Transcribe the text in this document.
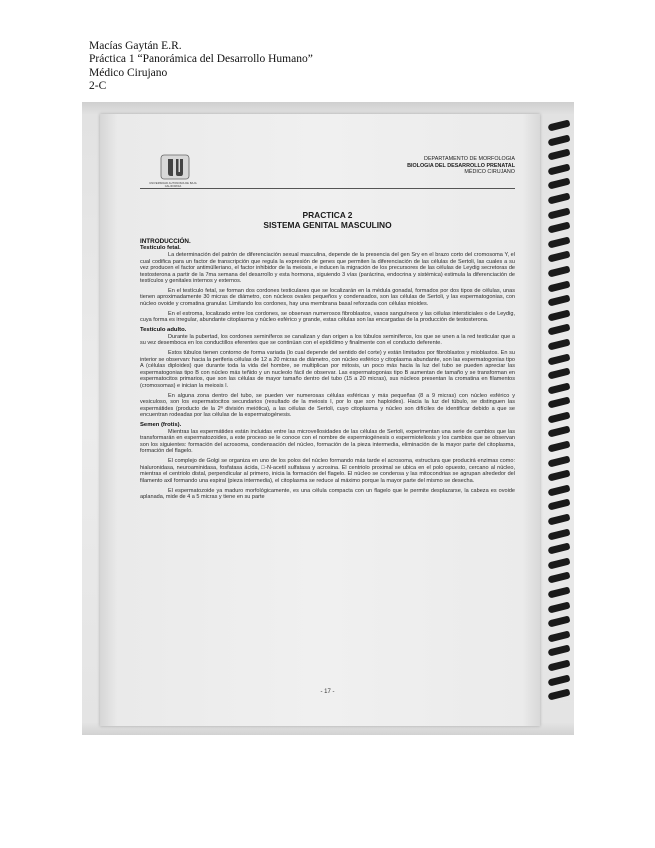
Macías Gaytán E.R.
Práctica 1 “Panorámica del Desarrollo Humano”
Médico Cirujano
2-C
UNIVERSIDAD AUTONOMA DE BAJA CALIFORNIA
DEPARTAMENTO DE MORFOLOGIA
BIOLOGIA DEL DESARROLLO PRENATAL
MÉDICO CIRUJANO
PRACTICA 2
SISTEMA GENITAL MASCULINO
INTRODUCCIÓN.
Testículo fetal.

La determinación del patrón de diferenciación sexual masculina, depende de la presencia del gen Sry en el brazo corto del cromosoma Y, el cual codifica para un factor de transcripción que regula la expresión de genes que permiten la diferenciación de las células de Sertoli, las cuales a su vez producen el factor antimülleriano, el factor inhibidor de la meiosis, e inducen la migración de los precursores de las células de Leydig secretoras de testosterona a partir de la 7ma semana del desarrollo y esta hormona, siguiendo 3 vías (parácrina, endocrina y sistémica) estimula la diferenciación de testículos y genitales internos y externos.

En el testículo fetal, se forman dos cordones testiculares que se localizarán en la médula gonadal, formados por dos tipos de células, unas tienen aproximadamente 30 micras de diámetro, con núcleos ovales pequeños y condensados, son las células de Sertoli, y las espermatogonias, con núcleo ovoide y cromatina granular. Limitando los cordones, hay una membrana basal reforzada con células mioides.

En el estroma, localizado entre los cordones, se observan numerosos fibroblastos, vasos sanguíneos y las células intersticiales o de Leydig, cuya forma es irregular, abundante citoplasma y núcleo esférico y grande, estas células son las encargadas de la producción de testosterona.

Testículo adulto.

Durante la pubertad, los cordones seminíferos se canalizan y dan origen a los túbulos seminíferos, los que se unen a la red testicular que a su vez desemboca en los conductillos eferentes que se continúan con el epidídimo y finalmente con el conducto deferente.

Estos túbulos tienen contorno de forma variada (lo cual depende del sentido del corte) y están limitados por fibroblastos y mioblastos. En su interior se observan: hacia la periferia células de 12 a 20 micras de diámetro, con núcleo esférico y citoplasma abundante, son las espermatogonias tipo A (células diploides) que durante toda la vida del hombre, se multiplican por mitosis, un poco más hacia la luz del tubo se pueden apreciar las espermatogonias tipo B con núcleo más teñido y un nucleolo fácil de observar. Las espermatogonias tipo B aumentan de tamaño y se transforman en espermatocitos primarios, que son las células de mayor tamaño dentro del tubo (15 a 20 micras), sus núcleos presentan la cromatina en filamentos (cromosomas) e inician la meiosis I.

En alguna zona dentro del tubo, se pueden ver numerosas células esféricas y más pequeñas (8 a 9 micras) con núcleo esférico y vesiculoso, son los espermatocitos secundarios (resultado de la meiosis I, por lo que son haploides). Hacia la luz del túbulo, se distinguen las espermátides (producto de la 2ª división meiótica), a las células de Sertoli, cuyo citoplasma y núcleo son difíciles de identificar debido a que se encuentran rodeadas por las células de la espermatogénesis.

Semen (frotis).

Mientras las espermátides están incluidas entre las microvellosidades de las células de Sertoli, experimentan una serie de cambios que las transformarán en espermatozoides, a este proceso se le conoce con el nombre de espermiogénesis o espermioteliosis y los cambios que se observan son los siguientes: formación del acrosoma, condensación del núcleo, formación de la pieza intermedia, eliminación de la mayor parte del citoplasma, formación del flagelo.

El complejo de Golgi se organiza en uno de los polos del núcleo formando más tarde el acrosoma, estructura que producirá enzimas como: hialuronidasa, neuroaminidasa, fosfatasa ácida, □-N-acetil sulfatasa y acrosina. El centriolo proximal se ubica en el polo opuesto, cercano al núcleo, mientras el centriolo distal, perpendicular al primero, inicia la formación del flagelo. El núcleo se condensa y las mitocondrias se agrupan alrededor del filamento axil formando una espiral (pieza intermedia), el citoplasma se reduce al máximo porque la mayor parte del mismo se desecha.

El espermatozoide ya maduro morfológicamente, es una célula compacta con un flagelo que le permite desplazarse, la cabeza es ovoide aplanada, mide de 4 a 5 micras y tiene en su parte

- 17 -
